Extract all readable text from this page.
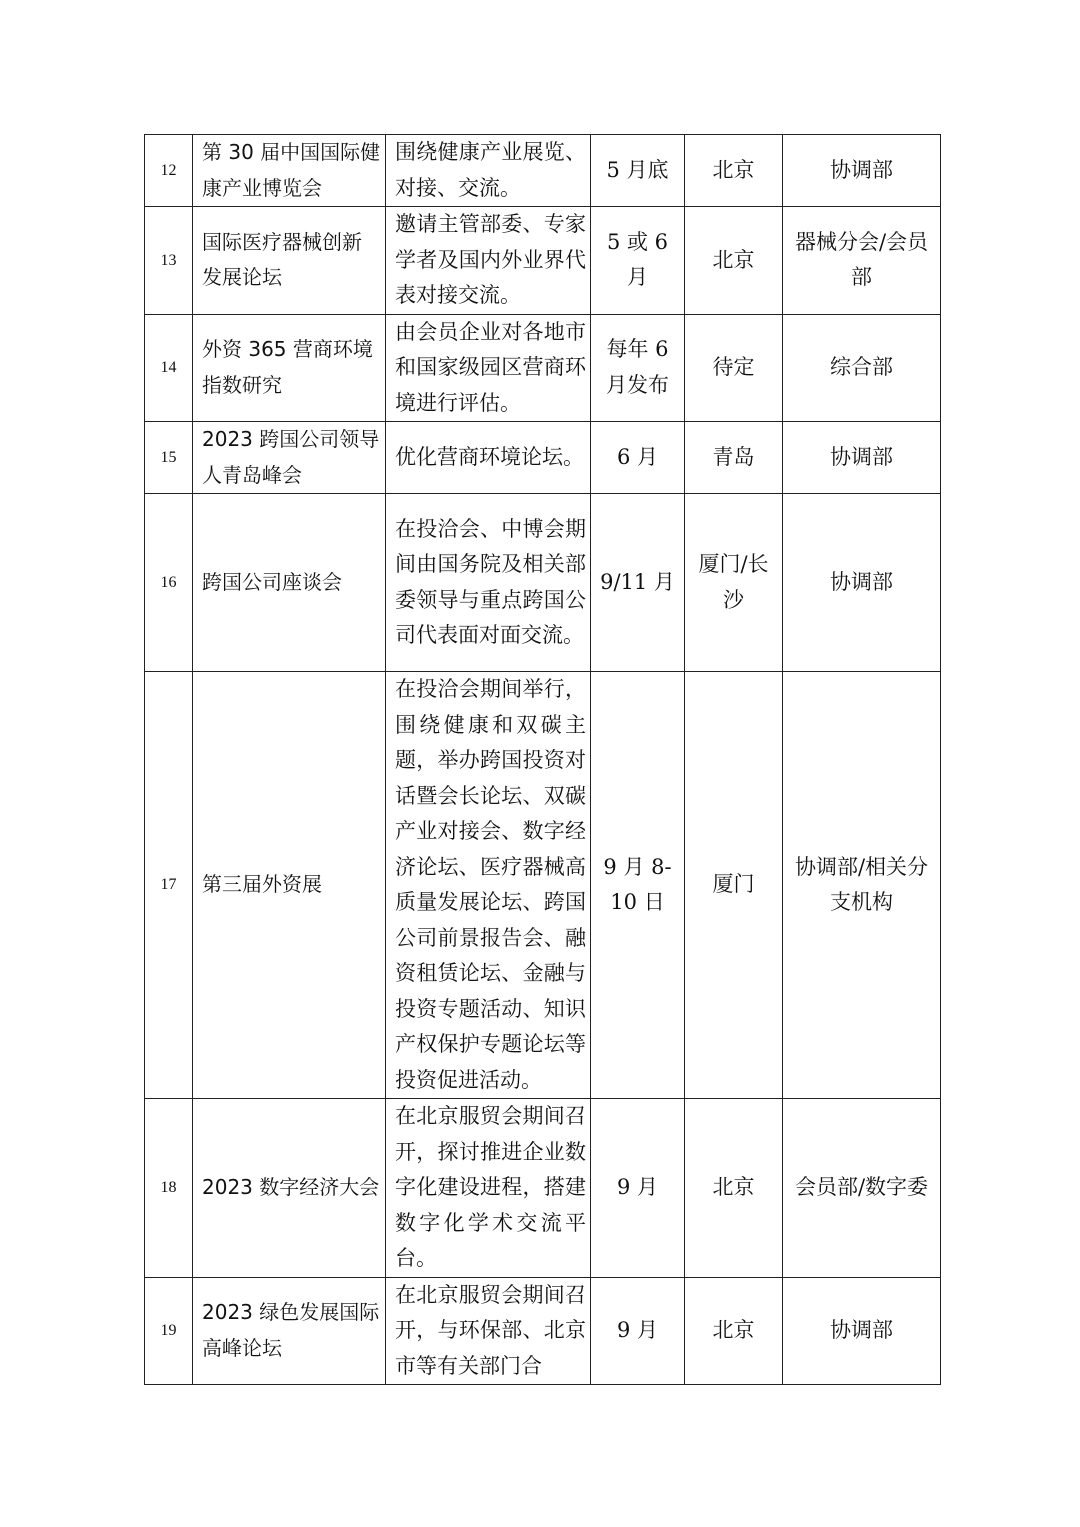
12	第 30 届中国国际健康产业博览会	围绕健康产业展览、对接、交流。	5 月底	北京	协调部
13	国际医疗器械创新发展论坛	邀请主管部委、专家学者及国内外业界代表对接交流。	5 或 6 月	北京	器械分会/会员部
14	外资 365 营商环境指数研究	由会员企业对各地市和国家级园区营商环境进行评估。	每年 6 月发布	待定	综合部
15	2023 跨国公司领导人青岛峰会	优化营商环境论坛。	6 月	青岛	协调部
16	跨国公司座谈会	在投洽会、中博会期间由国务院及相关部委领导与重点跨国公司代表面对面交流。	9/11 月	厦门/长沙	协调部
17	第三届外资展	在投洽会期间举行，围绕健康和双碳主题，举办跨国投资对话暨会长论坛、双碳产业对接会、数字经济论坛、医疗器械高质量发展论坛、跨国公司前景报告会、融资租赁论坛、金融与投资专题活动、知识产权保护专题论坛等投资促进活动。	9 月 8-10 日	厦门	协调部/相关分支机构
18	2023 数字经济大会	在北京服贸会期间召开，探讨推进企业数字化建设进程，搭建数字化学术交流平台。	9 月	北京	会员部/数字委
19	2023 绿色发展国际高峰论坛	在北京服贸会期间召开，与环保部、北京市等有关部门合	9 月	北京	协调部
